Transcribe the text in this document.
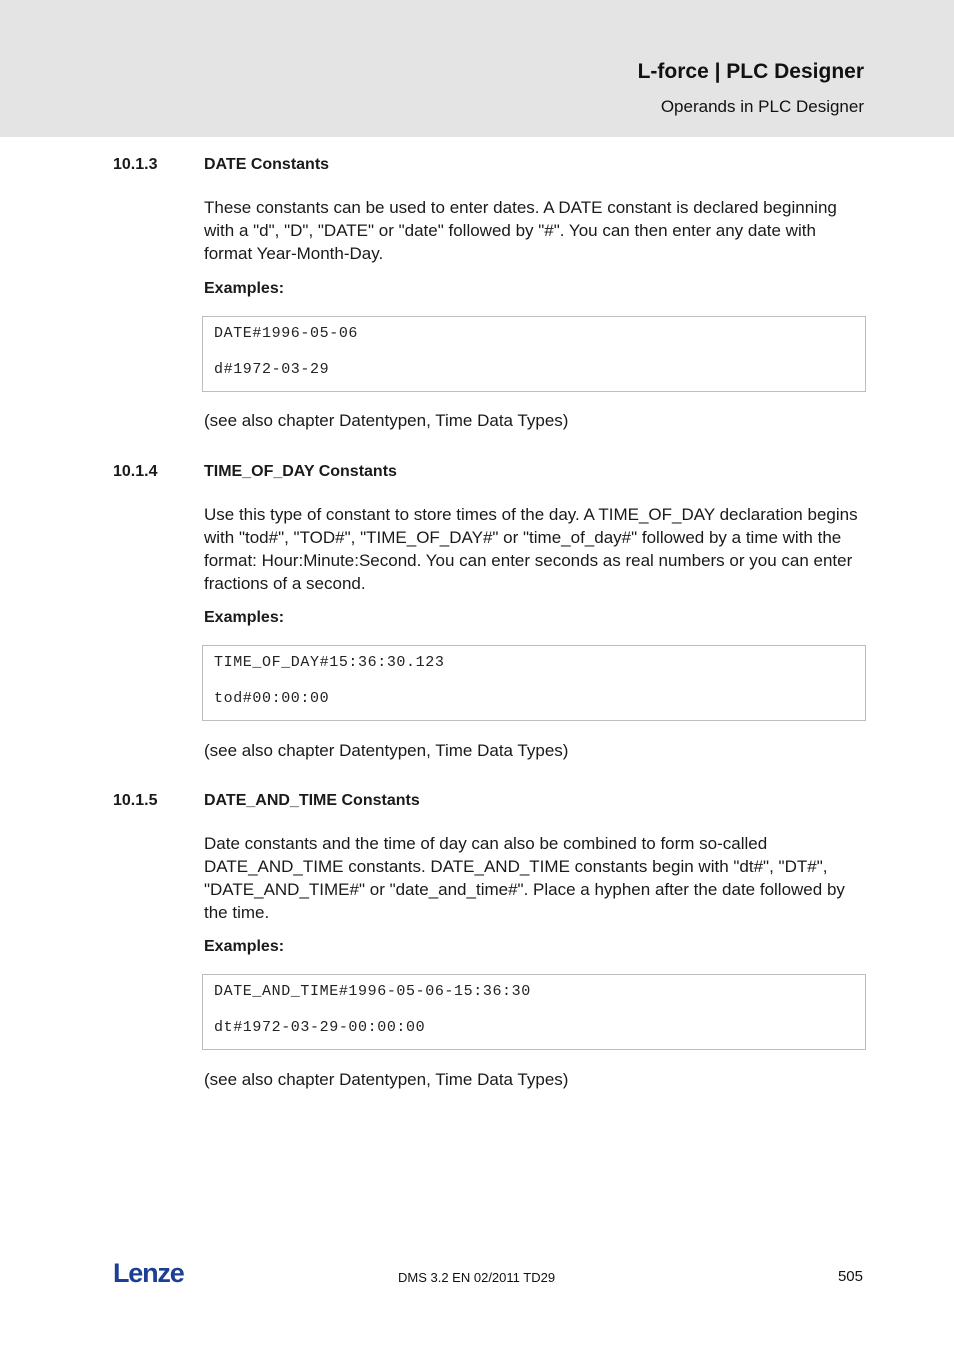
L-force | PLC Designer
Operands in PLC Designer
10.1.3	DATE Constants
These constants can be used to enter dates. A DATE constant is declared beginning
with a "d", "D", "DATE" or "date" followed by "#". You can then enter any date with
format Year-Month-Day.
Examples:
DATE#1996-05-06
d#1972-03-29
(see also chapter Datentypen, Time Data Types)
10.1.4	TIME_OF_DAY Constants
Use this type of constant to store times of the day. A TIME_OF_DAY declaration begins
with "tod#", "TOD#", "TIME_OF_DAY#" or "time_of_day#" followed by a time with the
format: Hour:Minute:Second. You can enter seconds as real numbers or you can enter
fractions of a second.
Examples:
TIME_OF_DAY#15:36:30.123
tod#00:00:00
(see also chapter Datentypen, Time Data Types)
10.1.5	DATE_AND_TIME Constants
Date constants and the time of day can also be combined to form so-called
DATE_AND_TIME constants. DATE_AND_TIME constants begin with "dt#", "DT#",
"DATE_AND_TIME#" or "date_and_time#". Place a hyphen after the date followed by
the time.
Examples:
DATE_AND_TIME#1996-05-06-15:36:30
dt#1972-03-29-00:00:00
(see also chapter Datentypen, Time Data Types)
Lenze	DMS 3.2 EN 02/2011 TD29	505
